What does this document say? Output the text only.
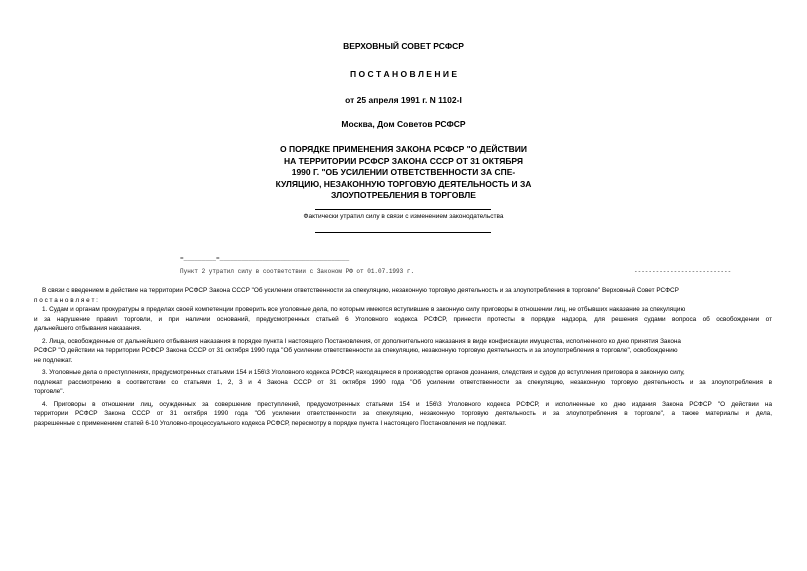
ВЕРХОВНЫЙ СОВЕТ РСФСР
П О С Т А Н О В Л Е Н И Е
от 25 апреля 1991 г. N 1102-I
Москва, Дом Советов РСФСР
О ПОРЯДКЕ ПРИМЕНЕНИЯ ЗАКОНА РСФСР "О ДЕЙСТВИИ
НА ТЕРРИТОРИИ РСФСР ЗАКОНА СССР ОТ 31 ОКТЯБРЯ
1990 Г. "ОБ УСИЛЕНИИ ОТВЕТСТВЕННОСТИ ЗА СПЕ-
КУЛЯЦИЮ, НЕЗАКОННУЮ ТОРГОВУЮ ДЕЯТЕЛЬНОСТЬ И ЗА
ЗЛОУПОТРЕБЛЕНИЯ В ТОРГОВЛЕ
Фактически утратил силу в связи с изменением законодательства
=_________=____________________________________
Пункт 2 утратил силу в соответствии с Законом РФ от 01.07.1993 г.	---------------------------
В связи с введением в действие на территории РСФСР Закона СССР "Об усилении ответственности за спекуляцию, незаконную торговую деятельность и за злоупотребления в торговле" Верховный Совет РСФСР
п о с т а н о в л я е т :
1. Судам и органам прокуратуры в пределах своей компетенции проверить все уголовные дела, по которым имеются вступившие в законную силу приговоры в отношении лиц, не отбывших наказание за спекуляцию
и за нарушение правил торговли, и при наличии оснований, предусмотренных статьей 6 Уголовного кодекса РСФСР, принести протесты в порядке надзора, для решения судами вопроса об освобождении от
дальнейшего отбывания наказания.
2. Лица, освобожденные от дальнейшего отбывания наказания в порядке пункта I настоящего Постановления, от дополнительного наказания в виде конфискации имущества, исполненного ко дню принятия Закона
РСФСР "О действии на территории РСФСР Закона СССР от 31 октября 1990 года "Об усилении ответственности за спекуляцию, незаконную торговую деятельность и за злоупотребления в торговле", освобождению
не подлежат.
3. Уголовные дела о преступлениях, предусмотренных статьями 154 и 156\3 Уголовного кодекса РСФСР, находящиеся в производстве органов дознания, следствия и судов до вступления приговора в законную силу,
подлежат рассмотрению в соответствии со статьями 1, 2, 3 и 4 Закона СССР от 31 октября 1990 года "Об усилении ответственности за спекуляцию, незаконную торговую деятельность и за злоупотребления в
торговле".
4. Приговоры в отношении лиц, осужденных за совершение преступлений, предусмотренных статьями 154 и 156\3 Уголовного кодекса РСФСР, и исполненные ко дню издания Закона РСФСР "О действии на
территории РСФСР Закона СССР от 31 октября 1990 года "Об усилении ответственности за спекуляцию, незаконную торговую деятельность и за злоупотребления в торговле", а также материалы и дела,
разрешенные с применением статей 6-10 Уголовно-процессуального кодекса РСФСР, пересмотру в порядке пункта I настоящего Постановления не подлежат.
